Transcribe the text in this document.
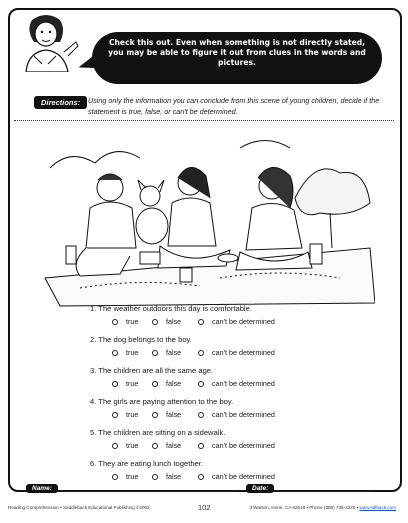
Check this out. Even when something is not directly stated, you may be able to figure it out from clues in the words and pictures.
Directions:	Using only the information you can conclude from this scene of young children, decide if the statement is true, false, or can't be determined.
1. The weather outdoors this day is comfortable.
true	false	can't be determined
2. The dog belongs to the boy.
true	false	can't be determined
3. The children are all the same age.
true	false	can't be determined
4. The girls are paying attention to the boy.
true	false	can't be determined
5. The children are sitting on a sidewalk.
true	false	can't be determined
6. They are eating lunch together.
true	false	can't be determined
Name:	Date:
Reading Comprehension • Saddleback Educational Publishing ©2002	102	3 Watson, Irvine, CA 92618 • Phone (888) 735-2225 • www.sdlback.com
